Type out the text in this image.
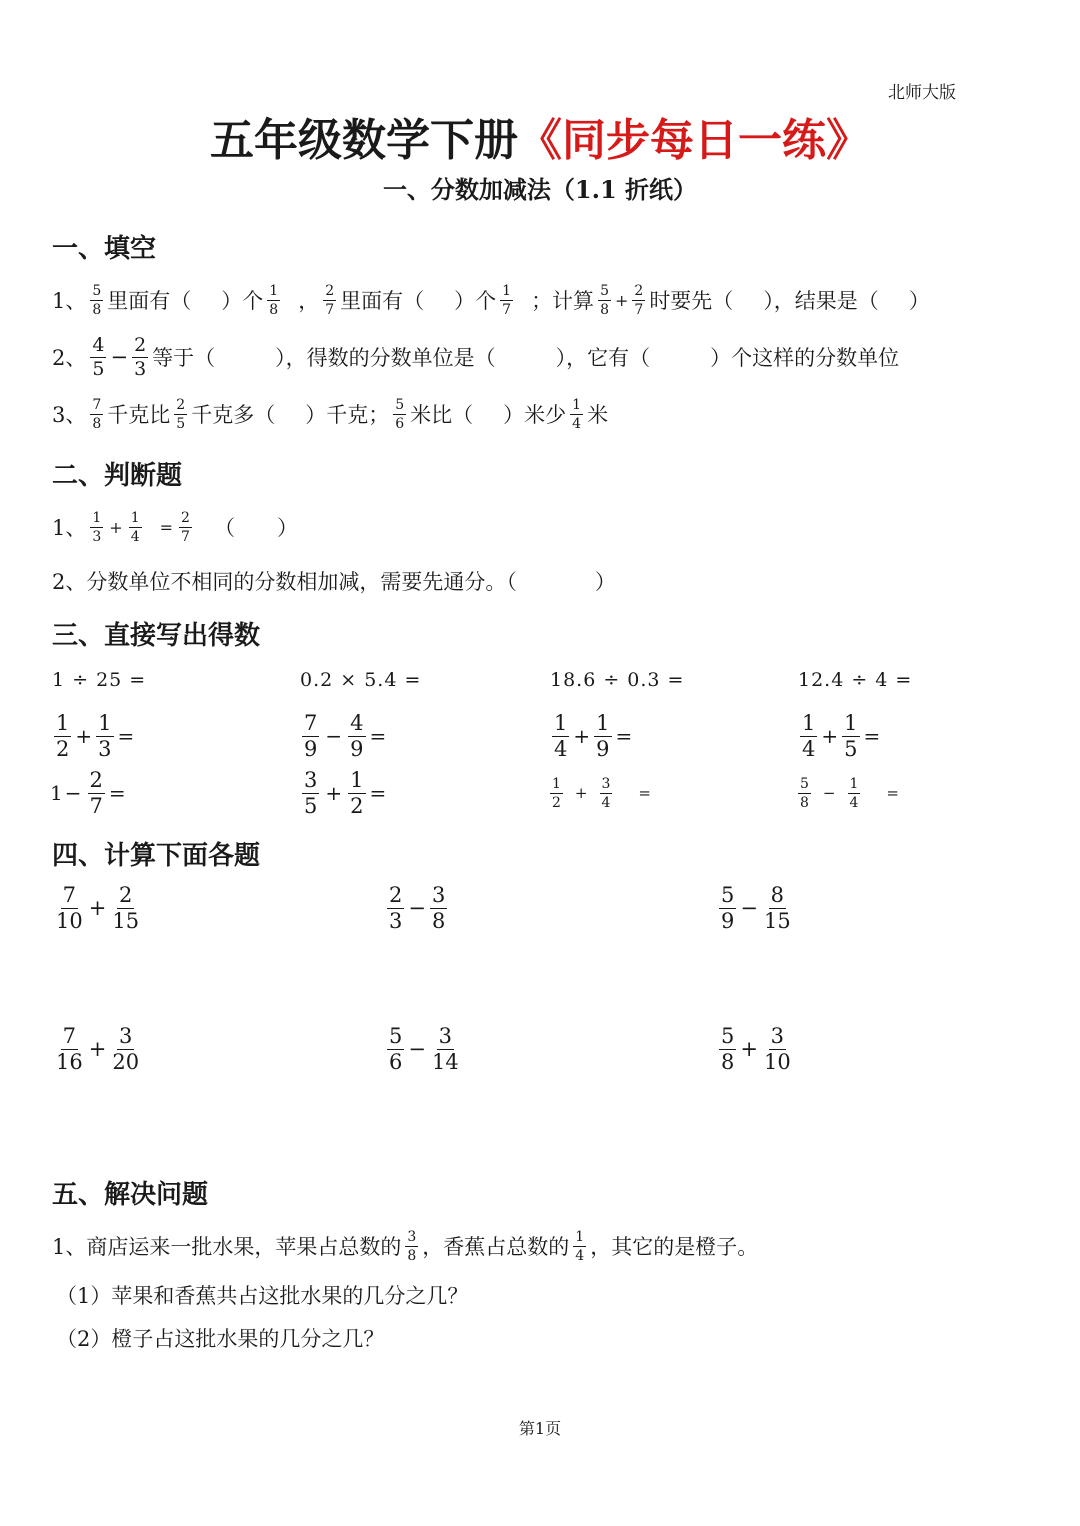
北师大版
五年级数学下册《同步每日一练》
一、分数加减法（1.1 折纸）
一、填空
1、 $\frac{5}{8}$ 里面有（ ）个 $\frac{1}{8}$ ， $\frac{2}{7}$ 里面有（ ）个 $\frac{1}{7}$ ；计算 $\frac{5}{8} + \frac{2}{7}$ 时要先（ ），结果是（ ）
2、 $\frac{4}{5} - \frac{2}{3}$ 等于（	），得数的分数单位是（	），它有（	）个这样的分数单位
3、 $\frac{7}{8}$ 千克比 $\frac{2}{5}$ 千克多（ ）千克； $\frac{5}{6}$ 米比（ ）米少 $\frac{1}{4}$ 米
二、判断题
1、 $\frac{1}{3} + \frac{1}{4} = \frac{2}{7}$ （　　）
2、分数单位不相同的分数相加减，需要先通分。（	）
三、直接写出得数
1 ÷ 25 =	0.2 × 5.4 =	18.6 ÷ 0.3 =	12.4 ÷ 4 =
$\frac{1}{2} + \frac{1}{3}$ =	$\frac{7}{9} - \frac{4}{9}$ =	$\frac{1}{4} + \frac{1}{9}$ =	$\frac{1}{4} + \frac{1}{5}$ =
$1 - \frac{2}{7}$ =	$\frac{3}{5} + \frac{1}{2}$ =	$\frac{1}{2} + \frac{3}{4}$ =	$\frac{5}{8} - \frac{1}{4}$ =
四、计算下面各题
$\frac{7}{10} + \frac{2}{15}$	$\frac{2}{3} - \frac{3}{8}$	$\frac{5}{9} - \frac{8}{15}$
$\frac{7}{16} + \frac{3}{20}$	$\frac{5}{6} - \frac{3}{14}$	$\frac{5}{8} + \frac{3}{10}$
五、解决问题
1、商店运来一批水果，苹果占总数的 $\frac{3}{8}$ ，香蕉占总数的 $\frac{1}{4}$ ，其它的是橙子。
（1）苹果和香蕉共占这批水果的几分之几？
（2）橙子占这批水果的几分之几？
第1页
